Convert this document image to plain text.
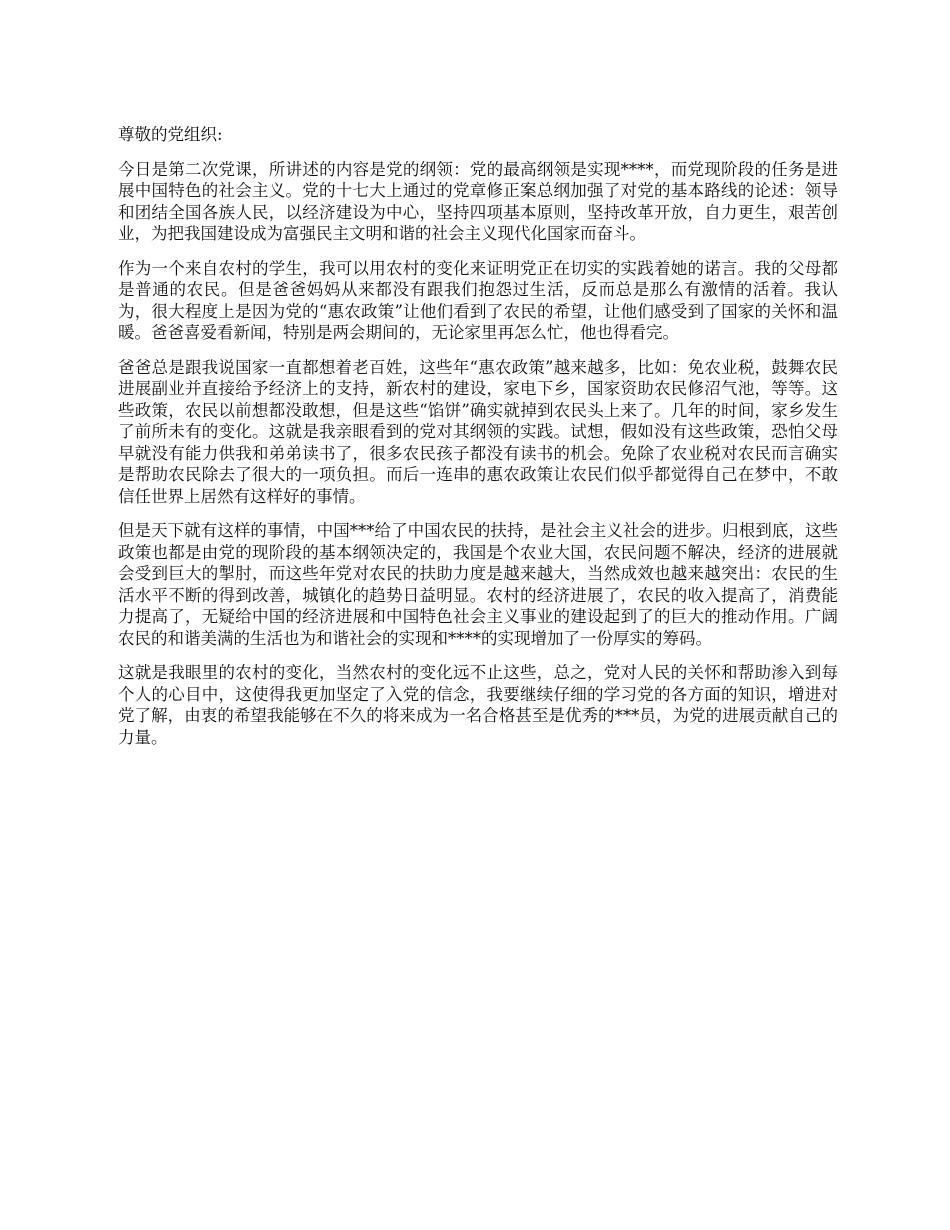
尊敬的党组织:

今日是第二次党课，所讲述的内容是党的纲领：党的最高纲领是实现****，而党现阶段的任务是进展中国特色的社会主义。党的十七大上通过的党章修正案总纲加强了对党的基本路线的论述：领导和团结全国各族人民，以经济建设为中心，坚持四项基本原则，坚持改革开放，自力更生，艰苦创业，为把我国建设成为富强民主文明和谐的社会主义现代化国家而奋斗。

作为一个来自农村的学生，我可以用农村的变化来证明党正在切实的实践着她的诺言。我的父母都是普通的农民。但是爸爸妈妈从来都没有跟我们抱怨过生活，反而总是那么有激情的活着。我认为，很大程度上是因为党的“惠农政策”让他们看到了农民的希望，让他们感受到了国家的关怀和温暖。爸爸喜爱看新闻，特别是两会期间的，无论家里再怎么忙，他也得看完。

爸爸总是跟我说国家一直都想着老百姓，这些年“惠农政策”越来越多，比如：免农业税，鼓舞农民进展副业并直接给予经济上的支持，新农村的建设，家电下乡，国家资助农民修沼气池，等等。这些政策，农民以前想都没敢想，但是这些“馅饼”确实就掉到农民头上来了。几年的时间，家乡发生了前所未有的变化。这就是我亲眼看到的党对其纲领的实践。试想，假如没有这些政策，恐怕父母早就没有能力供我和弟弟读书了，很多农民孩子都没有读书的机会。免除了农业税对农民而言确实是帮助农民除去了很大的一项负担。而后一连串的惠农政策让农民们似乎都觉得自己在梦中，不敢信任世界上居然有这样好的事情。

但是天下就有这样的事情，中国***给了中国农民的扶持，是社会主义社会的进步。归根到底，这些政策也都是由党的现阶段的基本纲领决定的，我国是个农业大国，农民问题不解决，经济的进展就会受到巨大的掣肘，而这些年党对农民的扶助力度是越来越大，当然成效也越来越突出：农民的生活水平不断的得到改善，城镇化的趋势日益明显。农村的经济进展了，农民的收入提高了，消费能力提高了，无疑给中国的经济进展和中国特色社会主义事业的建设起到了的巨大的推动作用。广阔农民的和谐美满的生活也为和谐社会的实现和****的实现增加了一份厚实的筹码。

这就是我眼里的农村的变化，当然农村的变化远不止这些，总之，党对人民的关怀和帮助渗入到每个人的心目中，这使得我更加坚定了入党的信念，我要继续仔细的学习党的各方面的知识，增进对党了解，由衷的希望我能够在不久的将来成为一名合格甚至是优秀的***员，为党的进展贡献自己的力量。
